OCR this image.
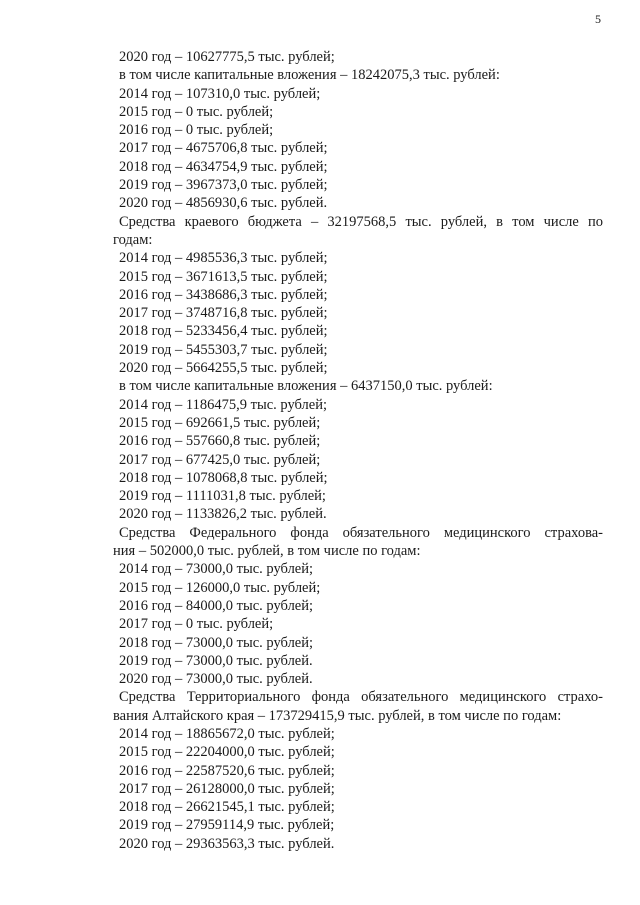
5
2020 год – 10627775,5 тыс. рублей;
в том числе капитальные вложения – 18242075,3 тыс. рублей:
2014 год – 107310,0 тыс. рублей;
2015 год – 0 тыс. рублей;
2016 год – 0 тыс. рублей;
2017 год – 4675706,8 тыс. рублей;
2018 год – 4634754,9 тыс. рублей;
2019 год – 3967373,0 тыс. рублей;
2020 год – 4856930,6 тыс. рублей.
Средства краевого бюджета – 32197568,5 тыс. рублей, в том числе по
годам:
2014 год – 4985536,3 тыс. рублей;
2015 год – 3671613,5 тыс. рублей;
2016 год – 3438686,3 тыс. рублей;
2017 год – 3748716,8 тыс. рублей;
2018 год – 5233456,4 тыс. рублей;
2019 год – 5455303,7 тыс. рублей;
2020 год – 5664255,5 тыс. рублей;
в том числе капитальные вложения – 6437150,0 тыс. рублей:
2014 год – 1186475,9 тыс. рублей;
2015 год – 692661,5 тыс. рублей;
2016 год – 557660,8 тыс. рублей;
2017 год – 677425,0 тыс. рублей;
2018 год – 1078068,8 тыс. рублей;
2019 год – 1111031,8 тыс. рублей;
2020 год – 1133826,2 тыс. рублей.
Средства Федерального фонда обязательного медицинского страхова-
ния – 502000,0 тыс. рублей, в том числе по годам:
2014 год – 73000,0 тыс. рублей;
2015 год – 126000,0 тыс. рублей;
2016 год – 84000,0 тыс. рублей;
2017 год – 0 тыс. рублей;
2018 год – 73000,0 тыс. рублей;
2019 год – 73000,0 тыс. рублей.
2020 год – 73000,0 тыс. рублей.
Средства Территориального фонда обязательного медицинского страхо-
вания Алтайского края – 173729415,9 тыс. рублей, в том числе по годам:
2014 год – 18865672,0 тыс. рублей;
2015 год – 22204000,0 тыс. рублей;
2016 год – 22587520,6 тыс. рублей;
2017 год – 26128000,0 тыс. рублей;
2018 год – 26621545,1 тыс. рублей;
2019 год – 27959114,9 тыс. рублей;
2020 год – 29363563,3 тыс. рублей.
